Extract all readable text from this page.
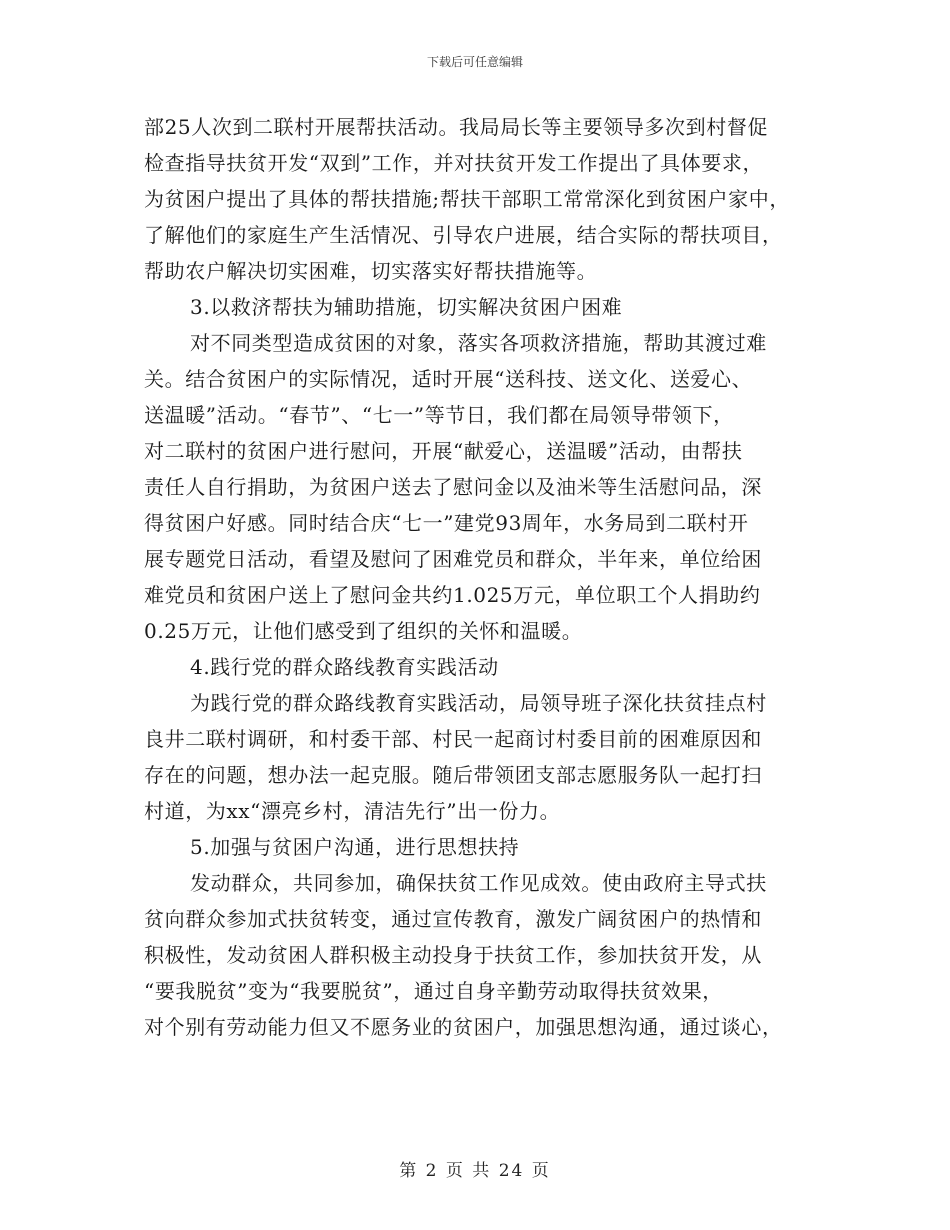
下载后可任意编辑
部25人次到二联村开展帮扶活动。我局局长等主要领导多次到村督促
检查指导扶贫开发“双到”工作，并对扶贫开发工作提出了具体要求，
为贫困户提出了具体的帮扶措施;帮扶干部职工常常深化到贫困户家中，
了解他们的家庭生产生活情况、引导农户进展，结合实际的帮扶项目，
帮助农户解决切实困难，切实落实好帮扶措施等。
3.以救济帮扶为辅助措施，切实解决贫困户困难
对不同类型造成贫困的对象，落实各项救济措施，帮助其渡过难
关。结合贫困户的实际情况，适时开展“送科技、送文化、送爱心、
送温暖”活动。“春节”、“七一”等节日，我们都在局领导带领下，
对二联村的贫困户进行慰问，开展“献爱心，送温暖”活动，由帮扶
责任人自行捐助，为贫困户送去了慰问金以及油米等生活慰问品，深
得贫困户好感。同时结合庆“七一”建党93周年，水务局到二联村开
展专题党日活动，看望及慰问了困难党员和群众，半年来，单位给困
难党员和贫困户送上了慰问金共约1.025万元，单位职工个人捐助约
0.25万元，让他们感受到了组织的关怀和温暖。
4.践行党的群众路线教育实践活动
为践行党的群众路线教育实践活动，局领导班子深化扶贫挂点村
良井二联村调研，和村委干部、村民一起商讨村委目前的困难原因和
存在的问题，想办法一起克服。随后带领团支部志愿服务队一起打扫
村道，为xx“漂亮乡村，清洁先行”出一份力。
5.加强与贫困户沟通，进行思想扶持
发动群众，共同参加，确保扶贫工作见成效。使由政府主导式扶
贫向群众参加式扶贫转变，通过宣传教育，激发广阔贫困户的热情和
积极性，发动贫困人群积极主动投身于扶贫工作，参加扶贫开发，从
“要我脱贫”变为“我要脱贫”，通过自身辛勤劳动取得扶贫效果，
对个别有劳动能力但又不愿务业的贫困户，加强思想沟通，通过谈心，
第 2 页 共 24 页
